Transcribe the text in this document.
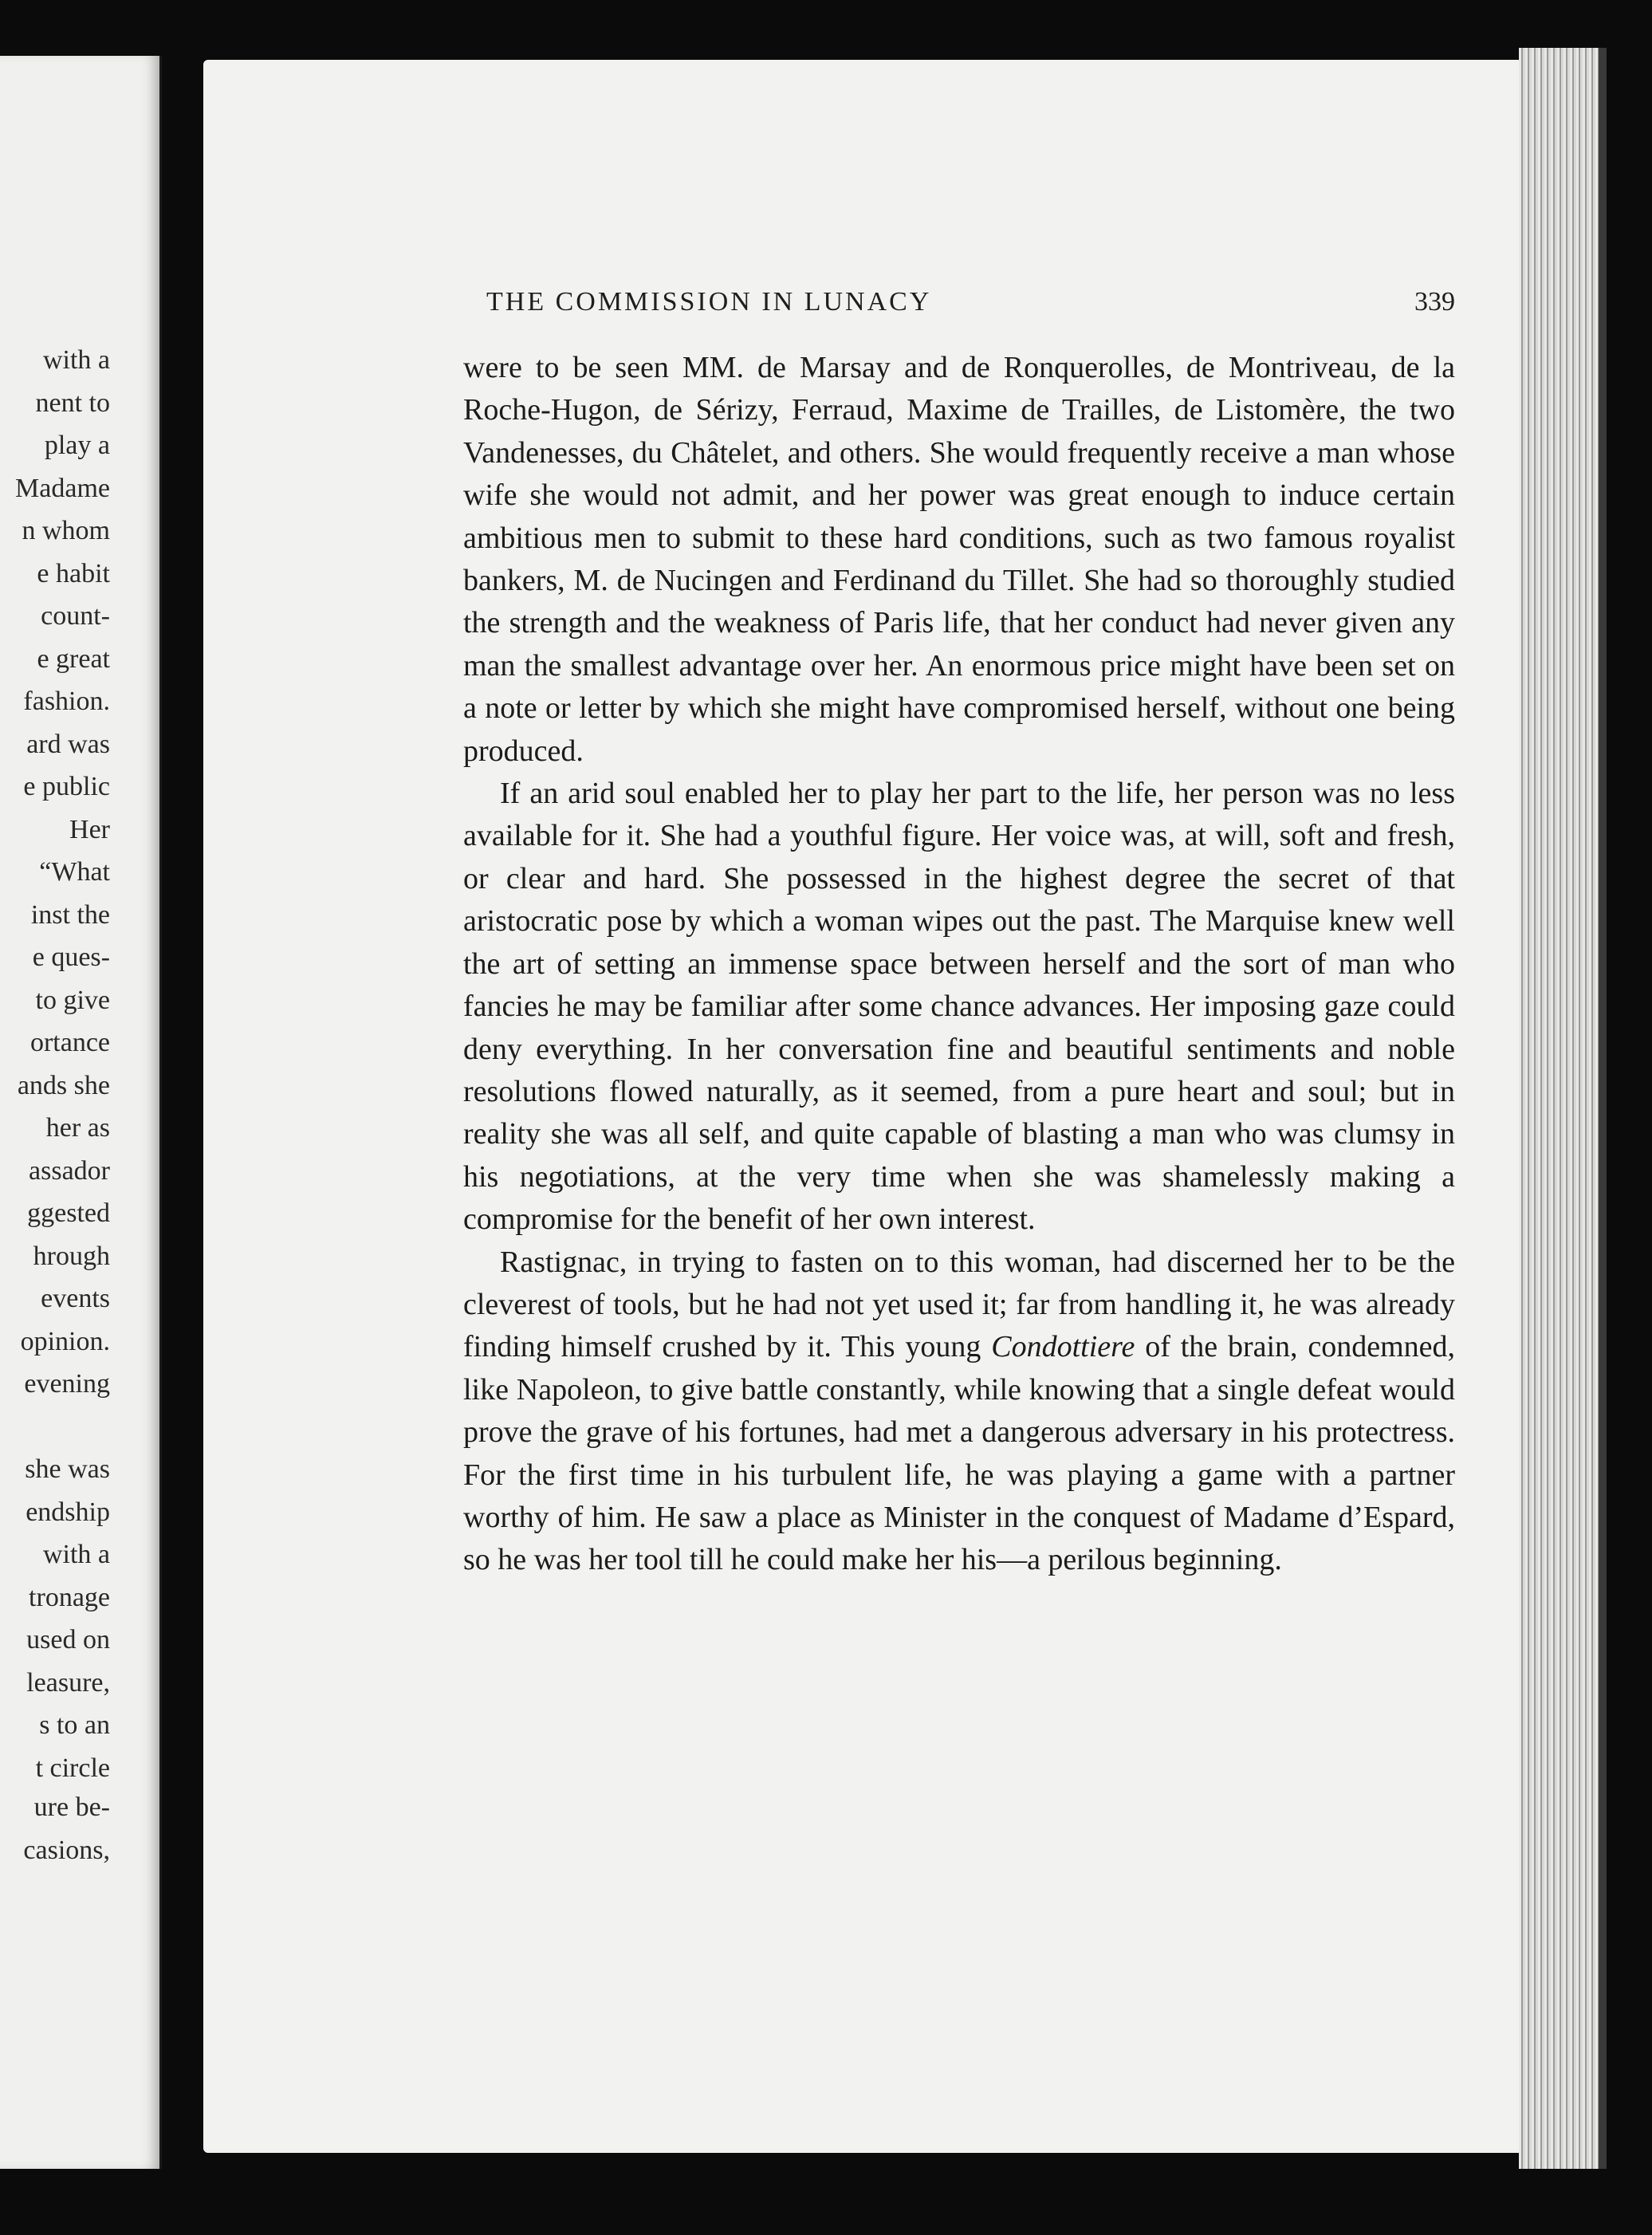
with a
nent to
play a
Madame
n whom
e habit
count-
e great
fashion.
ard was
e public
Her
“What
inst the
e ques-
to give
ortance
ands she
her as
assador
ggested
hrough
events
opinion.
evening

she was
endship
with a
tronage
used on
leasure,
s to an
t circle
ure be-
casions,
THE COMMISSION IN LUNACY	339

were to be seen MM. de Marsay and de Ronquerolles, de Montriveau, de la Roche-Hugon, de Sérizy, Ferraud, Maxime de Trailles, de Listomère, the two Vandenesses, du Châtelet, and others. She would frequently receive a man whose wife she would not admit, and her power was great enough to induce certain ambitious men to submit to these hard conditions, such as two famous royalist bankers, M. de Nucingen and Ferdinand du Tillet. She had so thoroughly studied the strength and the weakness of Paris life, that her conduct had never given any man the smallest advantage over her. An enormous price might have been set on a note or letter by which she might have compromised herself, without one being produced.

If an arid soul enabled her to play her part to the life, her person was no less available for it. She had a youthful figure. Her voice was, at will, soft and fresh, or clear and hard. She possessed in the highest degree the secret of that aristocratic pose by which a woman wipes out the past. The Marquise knew well the art of setting an immense space between herself and the sort of man who fancies he may be familiar after some chance advances. Her imposing gaze could deny everything. In her conversation fine and beautiful sentiments and noble resolutions flowed naturally, as it seemed, from a pure heart and soul; but in reality she was all self, and quite capable of blasting a man who was clumsy in his negotiations, at the very time when she was shamelessly making a compromise for the benefit of her own interest.

Rastignac, in trying to fasten on to this woman, had discerned her to be the cleverest of tools, but he had not yet used it; far from handling it, he was already finding himself crushed by it. This young Condottiere of the brain, condemned, like Napoleon, to give battle constantly, while knowing that a single defeat would prove the grave of his fortunes, had met a dangerous adversary in his protectress. For the first time in his turbulent life, he was playing a game with a partner worthy of him. He saw a place as Minister in the conquest of Madame d’Espard, so he was her tool till he could make her his—a perilous beginning.
